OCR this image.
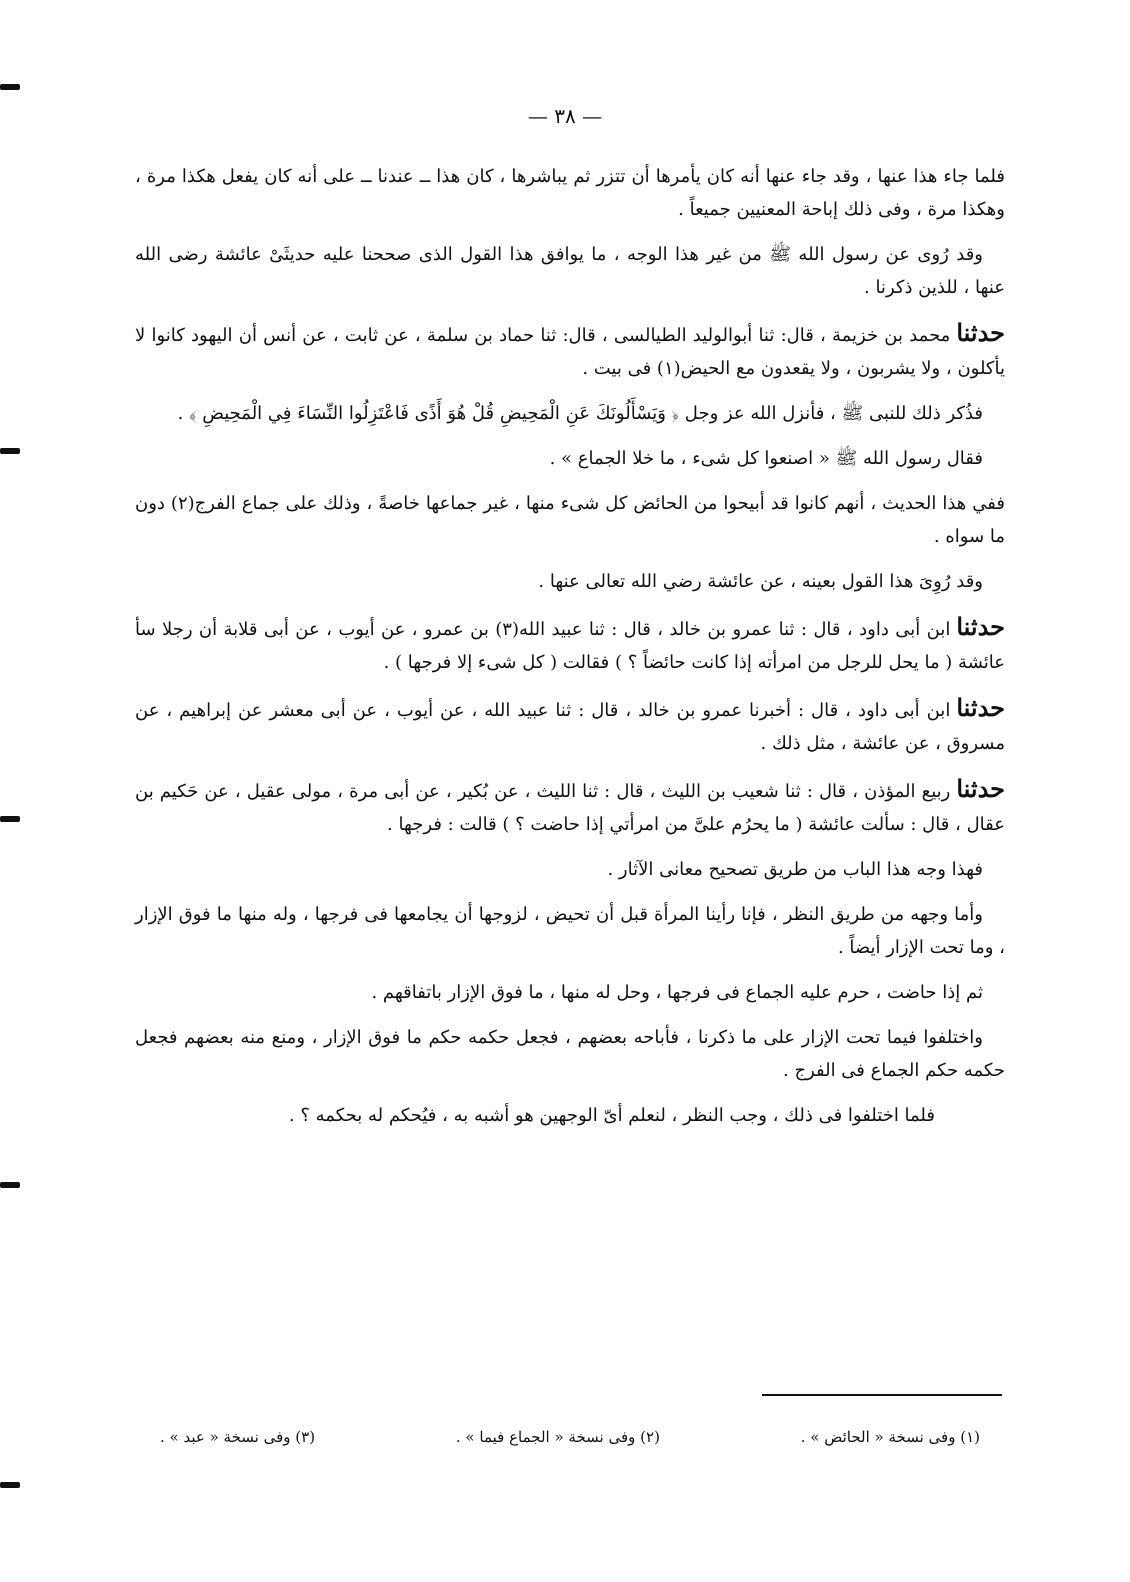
— ٣٨ —

فلما جاء هذا عنها ، وقد جاء عنها أنه كان يأمرها أن تتزر ثم يباشرها ، كان هذا ــ عندنا ــ على أنه كان يفعل هكذا مرة ، وهكذا مرة ، وفى ذلك إباحة المعنيين جميعاً .

وقد رُوى عن رسول الله ﷺ من غير هذا الوجه ، ما يوافق هذا القول الذى صححنا عليه حديثَىْ عائشة رضى الله عنها ، للذين ذكرنا .

حدثنامحمد بن خزيمة ، قال: ثنا أبوالوليد الطيالسى ، قال: ثنا حماد بن سلمة ، عن ثابت ، عن أنس أن اليهود كانوا لا يأكلون ، ولا يشربون ، ولا يقعدون مع الحيض(١) فى بيت .

فذُكر ذلك للنبى ﷺ ، فأنزل الله عز وجل ﴿ وَيَسْأَلُونَكَ عَنِ الْمَحِيضِ قُلْ هُوَ أَذًى فَاعْتَزِلُوا النِّسَاءَ فِي الْمَحِيضِ ﴾ .

فقال رسول الله ﷺ « اصنعوا كل شىء ، ما خلا الجماع » .

ففي هذا الحديث ، أنهم كانوا قد أبيحوا من الحائض كل شىء منها ، غير جماعها خاصةً ، وذلك على جماع الفرج(٢) دون ما سواه .

وقد رُوِىَ هذا القول بعينه ، عن عائشة رضي الله تعالى عنها .

حدثناابن أبى داود ، قال : ثنا عمرو بن خالد ، قال : ثنا عبيد الله(٣) بن عمرو ، عن أيوب ، عن أبى قلابة أن رجلا سأ عائشة ( ما يحل للرجل من امرأته إذا كانت حائضاً ؟ ) فقالت ( كل شىء إلا فرجها ) .

حدثناابن أبى داود ، قال : أخبرنا عمرو بن خالد ، قال : ثنا عبيد الله ، عن أيوب ، عن أبى معشر عن إبراهيم ، عن مسروق ، عن عائشة ، مثل ذلك .

حدثناربيع المؤذن ، قال : ثنا شعيب بن الليث ، قال : ثنا الليث ، عن بُكير ، عن أبى مرة ، مولى عقيل ، عن حَكيم بن عقال ، قال : سألت عائشة ( ما يحرُم علىَّ من امرأتي إذا حاضت ؟ ) قالت : فرجها .

فهذا وجه هذا الباب من طريق تصحيح معانى الآثار .

وأما وجهه من طريق النظر ، فإنا رأينا المرأة قبل أن تحيض ، لزوجها أن يجامعها فى فرجها ، وله منها ما فوق الإزار ، وما تحت الإزار أيضاً .

ثم إذا حاضت ، حرم عليه الجماع فى فرجها ، وحل له منها ، ما فوق الإزار باتفاقهم .

واختلفوا فيما تحت الإزار على ما ذكرنا ، فأباحه بعضهم ، فجعل حكمه حكم ما فوق الإزار ، ومنع منه بعضهم فجعل حكمه حكم الجماع فى الفرج .

فلما اختلفوا فى ذلك ، وجب النظر ، لنعلم أىّ الوجهين هو أشبه به ، فيُحكم له بحكمه ؟ .

(١) وفى نسخة « الحائض » .
(٢) وفى نسخة « الجماع فيما » .
(٣) وفى نسخة « عبد » .
